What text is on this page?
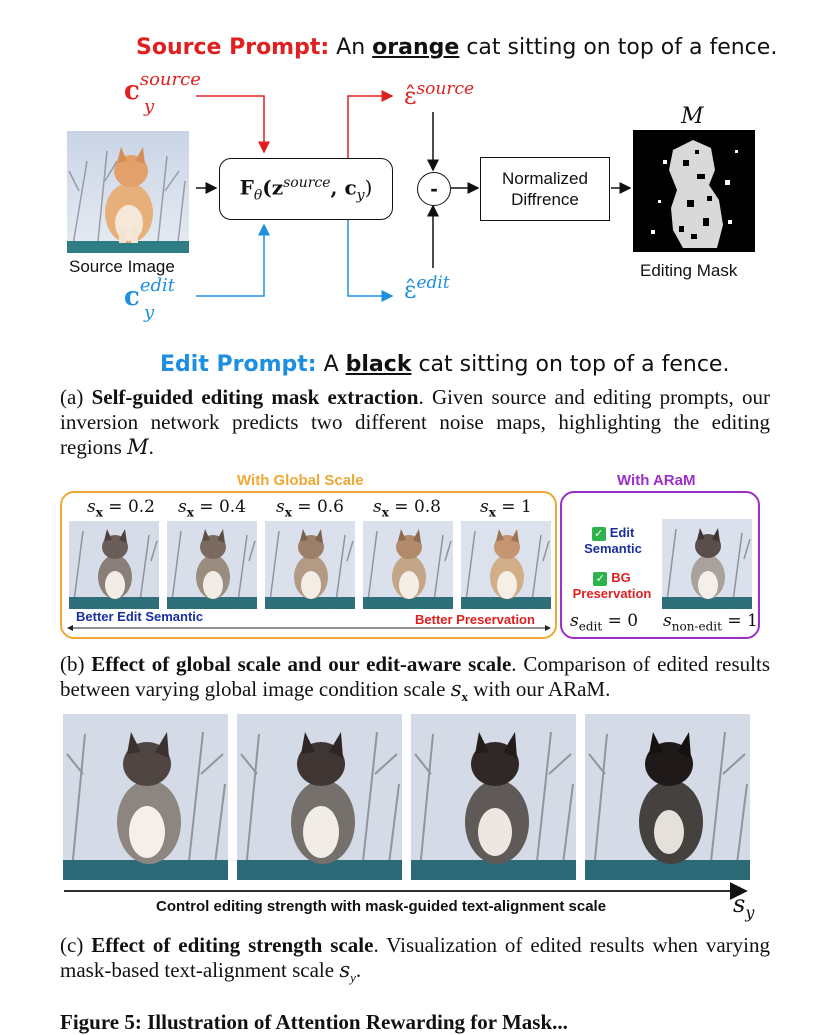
Source Prompt: An orange cat sitting on top of a fence.
$c^{source}$
y
$c^{edit}$
y
ε̂$^{source}$
ε̂$^{edit}$
Source Image
$F_\theta(z^{source}$, $c_y$)	-	Normalized
Diffrence
M
Editing Mask
Edit Prompt: A black cat sitting on top of a fence.
(a) Self-guided editing mask extraction. Given source and editing prompts, our inversion network predicts two different noise maps, highlighting the editing regions M.
With Global Scale	With ARaM
$s_x = 0.2$ $s_x = 0.4$ $s_x = 0.6$ $s_x = 0.8$ $s_x = 1$
Better Edit Semantic	Better Preservation
✓ Edit
Semantic
✓ BG
Preservation
$s_{edit} = 0$ $s_{non-edit} = 1$
(b) Effect of global scale and our edit-aware scale. Comparison of edited results between varying global image condition scale $s_x$ with our ARaM.
Control editing strength with mask-guided text-alignment scale	$s_y$
(c) Effect of editing strength scale. Visualization of edited results when varying mask-based text-alignment scale $s_y$.
Figure 5: Illustration of Attention Rewarding for Mask...
